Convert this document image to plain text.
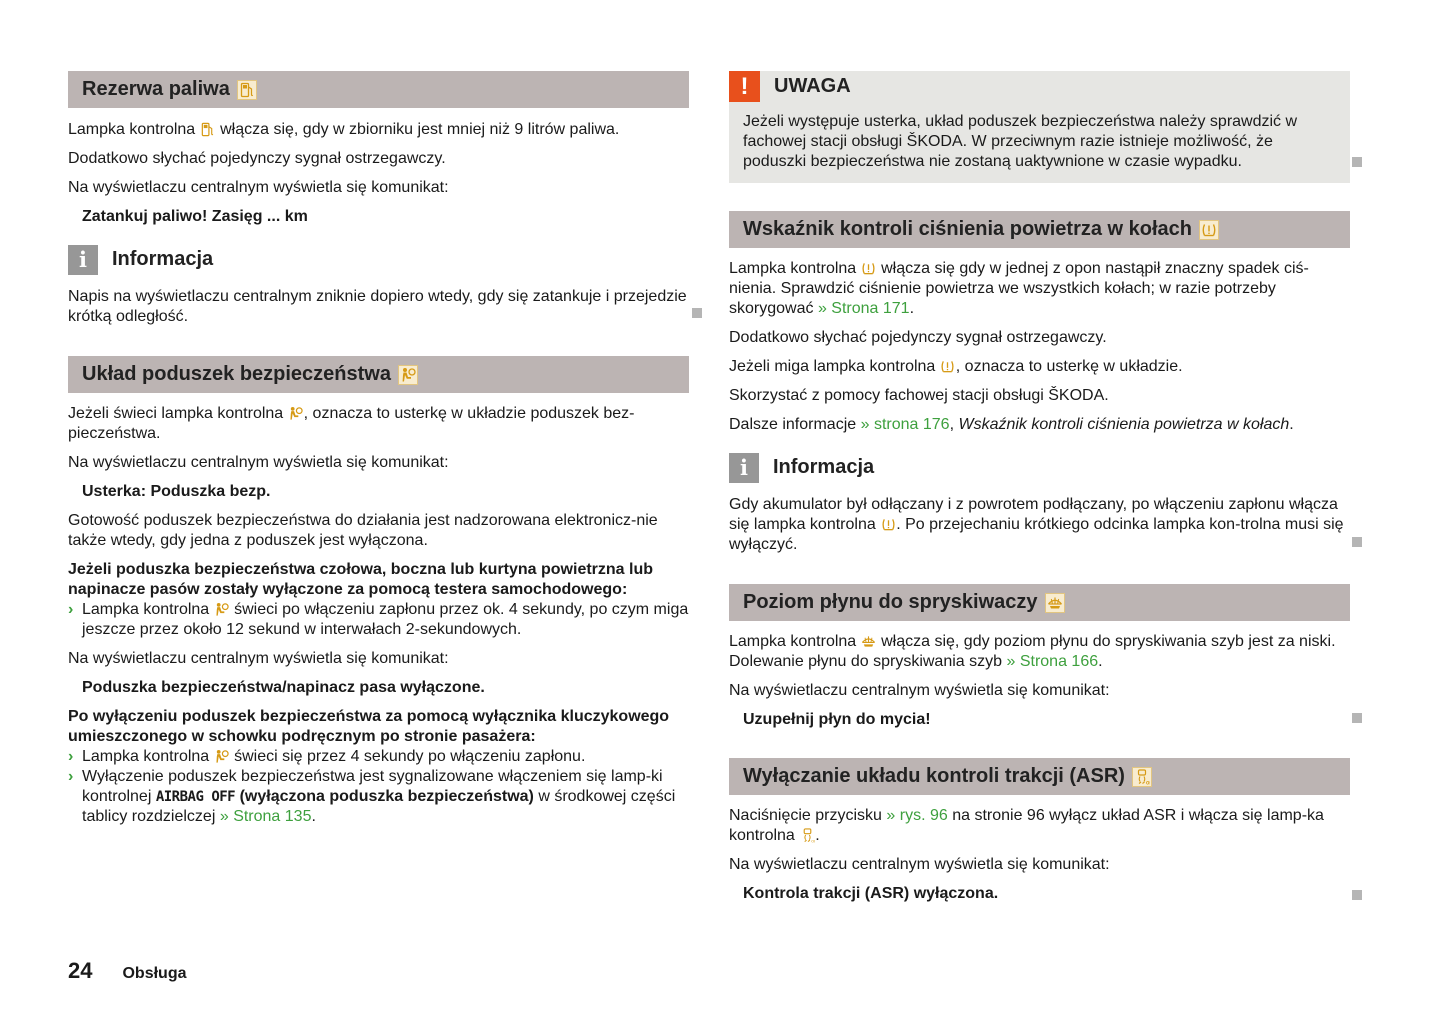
Rezerwa paliwa

Lampka kontrolna włącza się, gdy w zbiorniku jest mniej niż 9 litrów paliwa.

Dodatkowo słychać pojedynczy sygnał ostrzegawczy.

Na wyświetlaczu centralnym wyświetla się komunikat:

Zatankuj paliwo! Zasięg ... km

i	Informacja

Napis na wyświetlaczu centralnym zniknie dopiero wtedy, gdy się zatankuje i przejedzie krótką odległość.

Układ poduszek bezpieczeństwa

Jeżeli świeci lampka kontrolna , oznacza to usterkę w układzie poduszek bez-pieczeństwa.

Na wyświetlaczu centralnym wyświetla się komunikat:

Usterka: Poduszka bezp.

Gotowość poduszek bezpieczeństwa do działania jest nadzorowana elektronicz-nie także wtedy, gdy jedna z poduszek jest wyłączona.

Jeżeli poduszka bezpieczeństwa czołowa, boczna lub kurtyna powietrzna lub napinacze pasów zostały wyłączone za pomocą testera samochodowego:

› Lampka kontrolna świeci po włączeniu zapłonu przez ok. 4 sekundy, po czym miga jeszcze przez około 12 sekund w interwałach 2-sekundowych.

Na wyświetlaczu centralnym wyświetla się komunikat:

Poduszka bezpieczeństwa/napinacz pasa wyłączone.

Po wyłączeniu poduszek bezpieczeństwa za pomocą wyłącznika kluczykowego umieszczonego w schowku podręcznym po stronie pasażera:

› Lampka kontrolna świeci się przez 4 sekundy po włączeniu zapłonu.
› Wyłączenie poduszek bezpieczeństwa jest sygnalizowane włączeniem się lamp-ki kontrolnej AIRBAG OFF (wyłączona poduszka bezpieczeństwa) w środkowej części tablicy rozdzielczej » Strona 135.
!	UWAGA

Jeżeli występuje usterka, układ poduszek bezpieczeństwa należy sprawdzić w fachowej stacji obsługi ŠKODA. W przeciwnym razie istnieje możliwość, że poduszki bezpieczeństwa nie zostaną uaktywnione w czasie wypadku.

Wskaźnik kontroli ciśnienia powietrza w kołach

Lampka kontrolna włącza się gdy w jednej z opon nastąpił znaczny spadek ciś-nienia. Sprawdzić ciśnienie powietrza we wszystkich kołach; w razie potrzeby skorygować » Strona 171.

Dodatkowo słychać pojedynczy sygnał ostrzegawczy.

Jeżeli miga lampka kontrolna , oznacza to usterkę w układzie.

Skorzystać z pomocy fachowej stacji obsługi ŠKODA.

Dalsze informacje » strona 176, Wskaźnik kontroli ciśnienia powietrza w kołach.

i	Informacja

Gdy akumulator był odłączany i z powrotem podłączany, po włączeniu zapłonu włącza się lampka kontrolna . Po przejechaniu krótkiego odcinka lampka kon-trolna musi się wyłączyć.

Poziom płynu do spryskiwaczy

Lampka kontrolna włącza się, gdy poziom płynu do spryskiwania szyb jest za niski. Dolewanie płynu do spryskiwania szyb » Strona 166.

Na wyświetlaczu centralnym wyświetla się komunikat:

Uzupełnij płyn do mycia!

Wyłączanie układu kontroli trakcji (ASR)

Naciśnięcie przycisku » rys. 96 na stronie 96 wyłącz układ ASR i włącza się lamp-ka kontrolna .

Na wyświetlaczu centralnym wyświetla się komunikat:

Kontrola trakcji (ASR) wyłączona.

24 Obsługa
